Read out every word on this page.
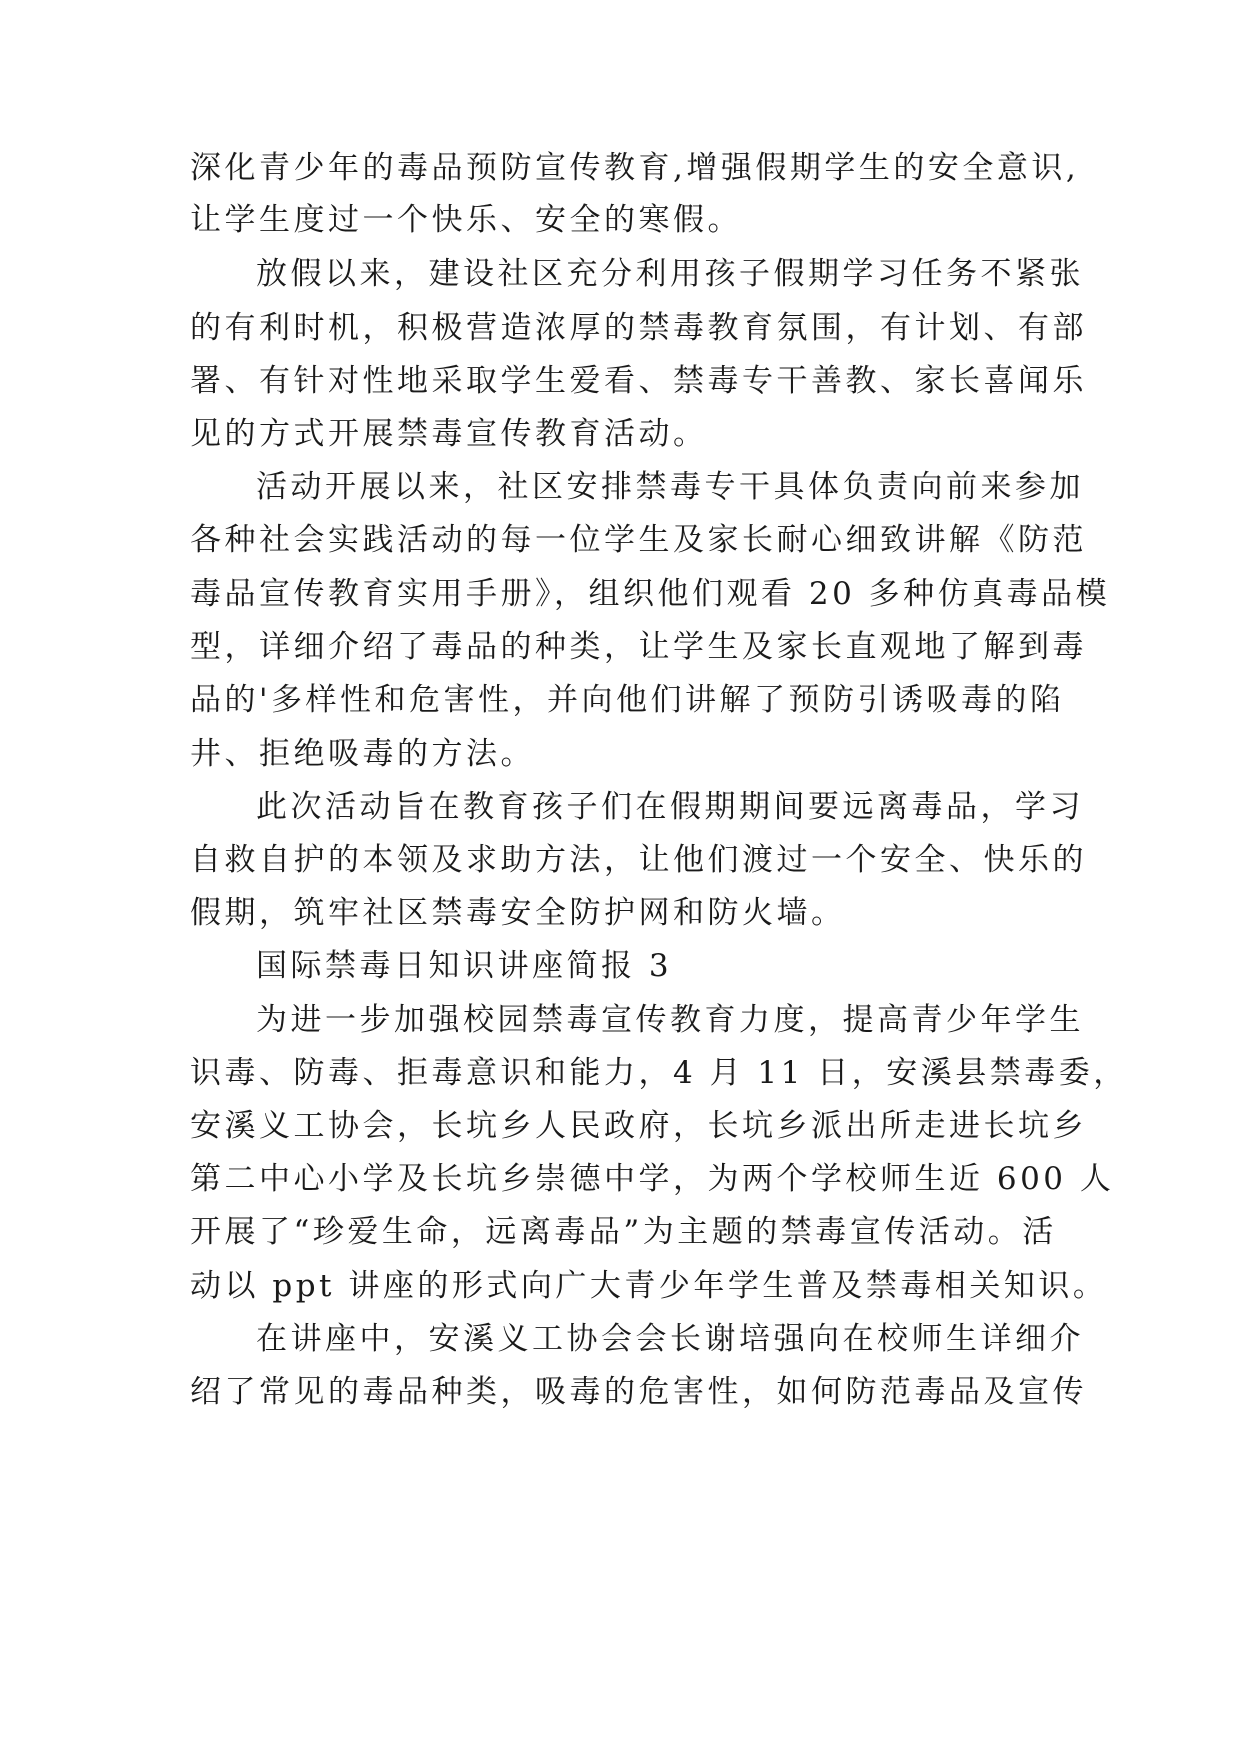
深化青少年的毒品预防宣传教育,增强假期学生的安全意识,
让学生度过一个快乐、安全的寒假。
放假以来，建设社区充分利用孩子假期学习任务不紧张
的有利时机，积极营造浓厚的禁毒教育氛围，有计划、有部
署、有针对性地采取学生爱看、禁毒专干善教、家长喜闻乐
见的方式开展禁毒宣传教育活动。
活动开展以来，社区安排禁毒专干具体负责向前来参加
各种社会实践活动的每一位学生及家长耐心细致讲解《防范
毒品宣传教育实用手册》，组织他们观看 20 多种仿真毒品模
型，详细介绍了毒品的种类，让学生及家长直观地了解到毒
品的'多样性和危害性，并向他们讲解了预防引诱吸毒的陷
井、拒绝吸毒的方法。
此次活动旨在教育孩子们在假期期间要远离毒品，学习
自救自护的本领及求助方法，让他们渡过一个安全、快乐的
假期，筑牢社区禁毒安全防护网和防火墙。
国际禁毒日知识讲座简报 3
为进一步加强校园禁毒宣传教育力度，提高青少年学生
识毒、防毒、拒毒意识和能力，4 月 11 日，安溪县禁毒委，
安溪义工协会，长坑乡人民政府，长坑乡派出所走进长坑乡
第二中心小学及长坑乡崇德中学，为两个学校师生近 600 人
开展了“珍爱生命，远离毒品”为主题的禁毒宣传活动。活
动以 ppt 讲座的形式向广大青少年学生普及禁毒相关知识。
在讲座中，安溪义工协会会长谢培强向在校师生详细介
绍了常见的毒品种类，吸毒的危害性，如何防范毒品及宣传
